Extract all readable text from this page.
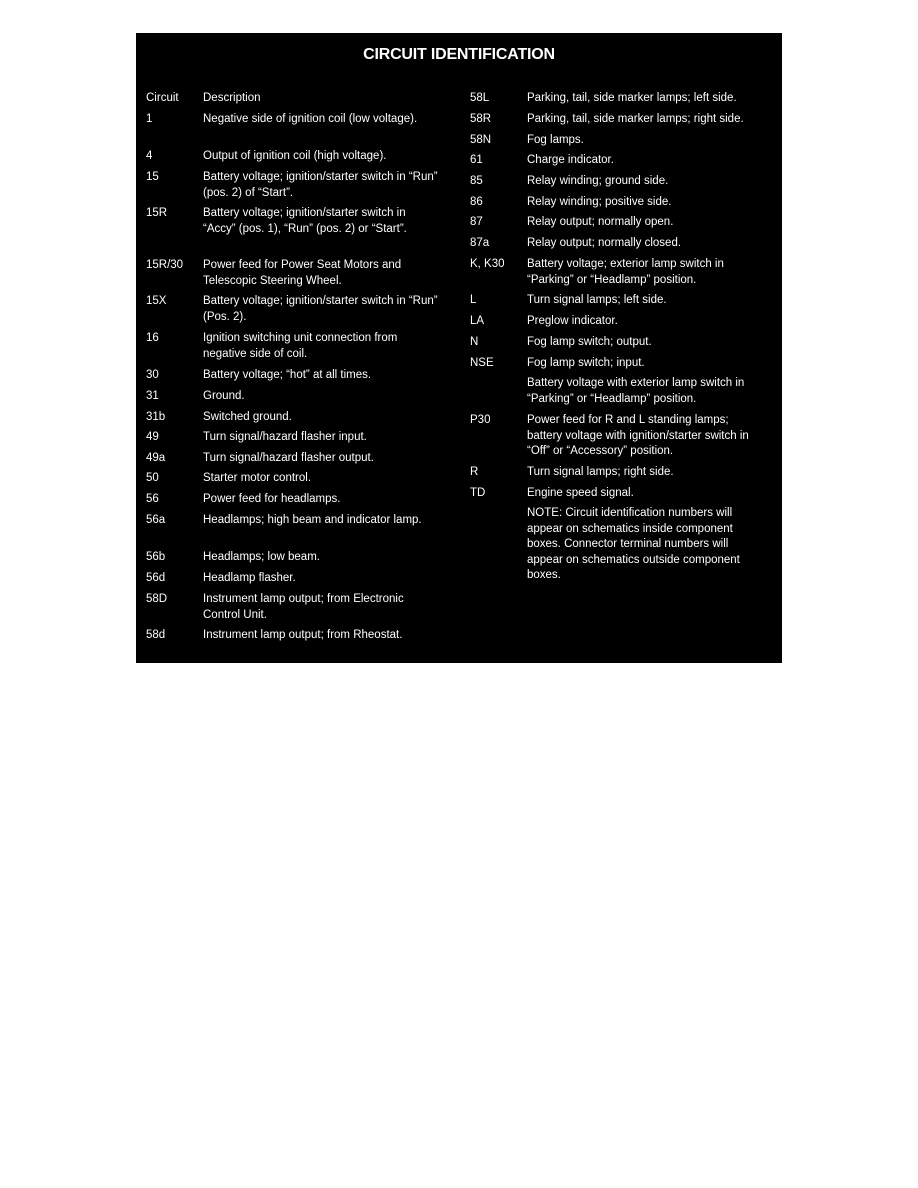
CIRCUIT IDENTIFICATION
Circuit Description
1	Negative side of ignition coil (low voltage).
4	Output of ignition coil (high voltage).
15	Battery voltage; ignition/starter switch in “Run” (pos. 2) of “Start”.
15R	Battery voltage; ignition/starter switch in “Accy” (pos. 1), “Run” (pos. 2) or “Start”.
15R/30 Power feed for Power Seat Motors and Telescopic Steering Wheel.
15X	Battery voltage; ignition/starter switch in “Run” (Pos. 2).
16	Ignition switching unit connection from negative side of coil.
30	Battery voltage; “hot” at all times.
31	Ground.
31b	Switched ground.
49	Turn signal/hazard flasher input.
49a	Turn signal/hazard flasher output.
50	Starter motor control.
56	Power feed for headlamps.
56a	Headlamps; high beam and indicator lamp.
56b	Headlamps; low beam.
56d	Headlamp flasher.
58D	Instrument lamp output; from Electronic Control Unit.
58d	Instrument lamp output; from Rheostat.
58L	Parking, tail, side marker lamps; left side.
58R	Parking, tail, side marker lamps; right side.
58N	Fog lamps.
61	Charge indicator.
85	Relay winding; ground side.
86	Relay winding; positive side.
87	Relay output; normally open.
87a	Relay output; normally closed.
K, K30 Battery voltage; exterior lamp switch in “Parking” or “Headlamp” position.
L	Turn signal lamps; left side.
LA	Preglow indicator.
N	Fog lamp switch; output.
NSE	Fog lamp switch; input.
Battery voltage with exterior lamp switch in “Parking” or “Headlamp” position.
P30	Power feed for R and L standing lamps; battery voltage with ignition/starter switch in “Off” or “Accessory” position.
R	Turn signal lamps; right side.
TD	Engine speed signal.
NOTE: Circuit identification numbers will appear on schematics inside component boxes. Connector terminal numbers will appear on schematics outside component boxes.
